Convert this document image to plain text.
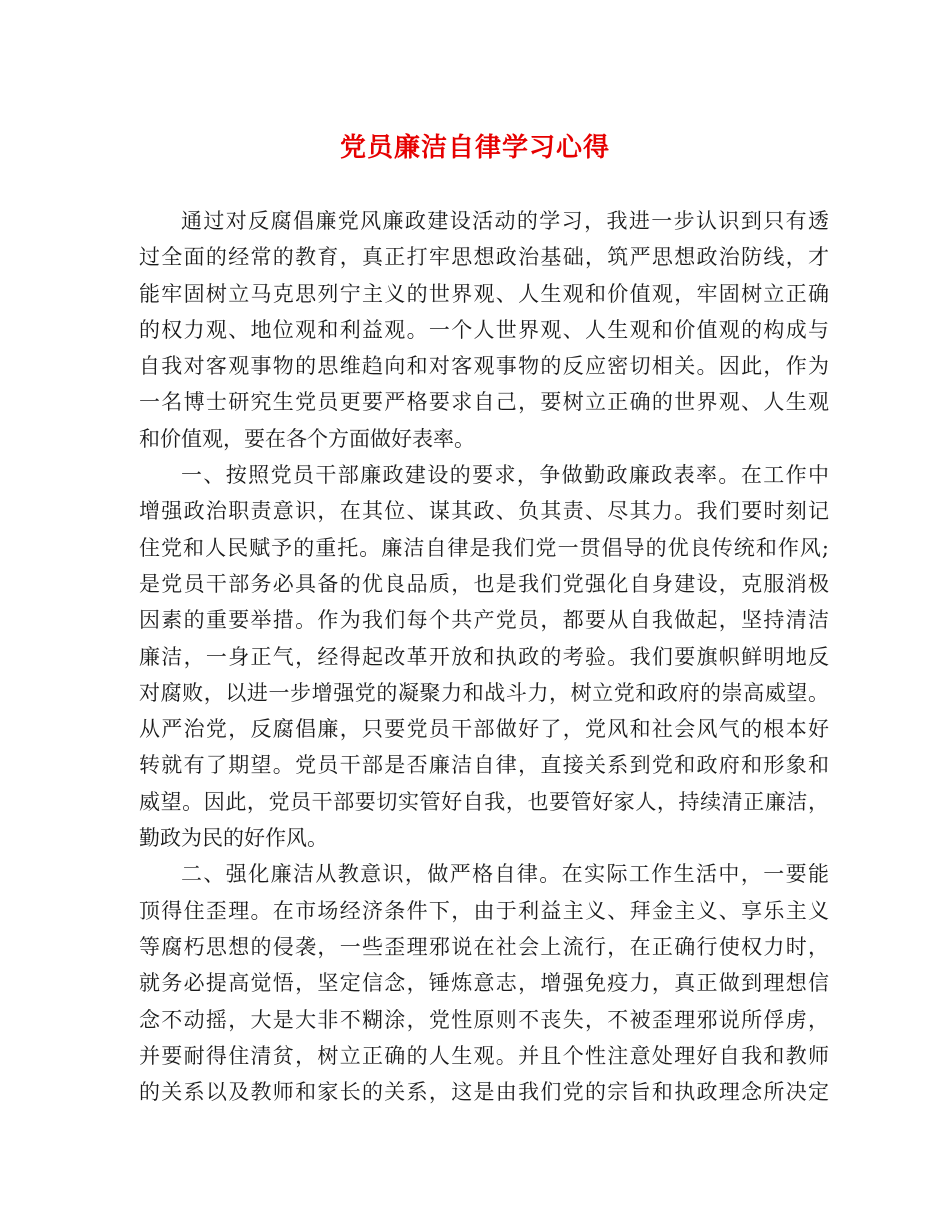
党员廉洁自律学习心得
通过对反腐倡廉党风廉政建设活动的学习，我进一步认识到只有透
过全面的经常的教育，真正打牢思想政治基础，筑严思想政治防线，才
能牢固树立马克思列宁主义的世界观、人生观和价值观，牢固树立正确
的权力观、地位观和利益观。一个人世界观、人生观和价值观的构成与
自我对客观事物的思维趋向和对客观事物的反应密切相关。因此，作为
一名博士研究生党员更要严格要求自己，要树立正确的世界观、人生观
和价值观，要在各个方面做好表率。
一、按照党员干部廉政建设的要求，争做勤政廉政表率。在工作中
增强政治职责意识，在其位、谋其政、负其责、尽其力。我们要时刻记
住党和人民赋予的重托。廉洁自律是我们党一贯倡导的优良传统和作风;
是党员干部务必具备的优良品质，也是我们党强化自身建设，克服消极
因素的重要举措。作为我们每个共产党员，都要从自我做起，坚持清洁
廉洁，一身正气，经得起改革开放和执政的考验。我们要旗帜鲜明地反
对腐败，以进一步增强党的凝聚力和战斗力，树立党和政府的崇高威望。
从严治党，反腐倡廉，只要党员干部做好了，党风和社会风气的根本好
转就有了期望。党员干部是否廉洁自律，直接关系到党和政府和形象和
威望。因此，党员干部要切实管好自我，也要管好家人，持续清正廉洁，
勤政为民的好作风。
二、强化廉洁从教意识，做严格自律。在实际工作生活中，一要能
顶得住歪理。在市场经济条件下，由于利益主义、拜金主义、享乐主义
等腐朽思想的侵袭，一些歪理邪说在社会上流行，在正确行使权力时，
就务必提高觉悟，坚定信念，锤炼意志，增强免疫力，真正做到理想信
念不动摇，大是大非不糊涂，党性原则不丧失，不被歪理邪说所俘虏，
并要耐得住清贫，树立正确的人生观。并且个性注意处理好自我和教师
的关系以及教师和家长的关系，这是由我们党的宗旨和执政理念所决定
